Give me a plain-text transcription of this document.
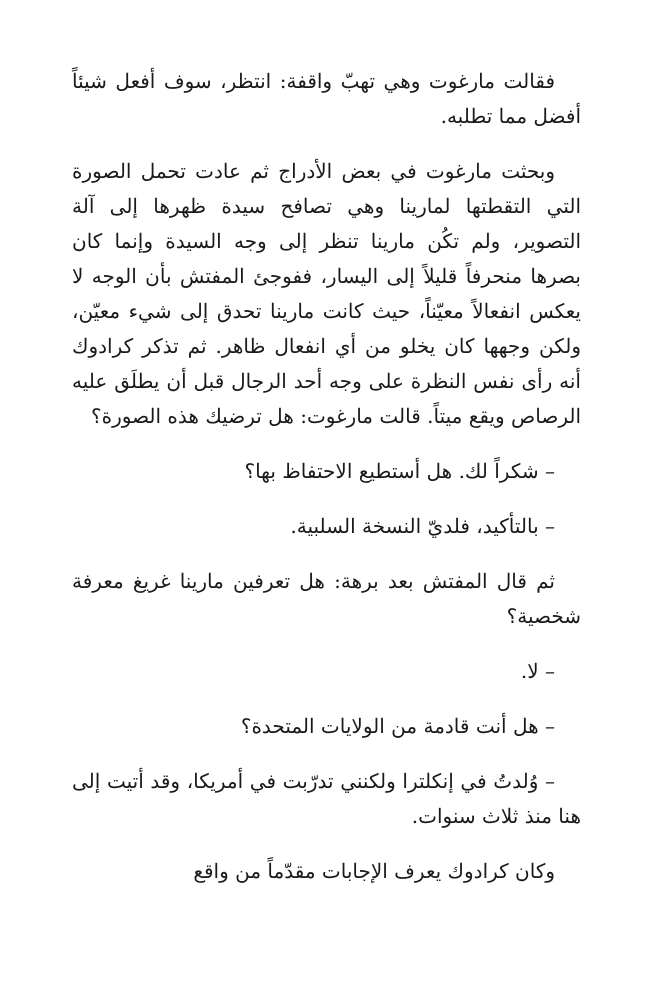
فقالت مارغوت وهي تهبّ واقفة: انتظر، سوف أفعل شيئاً أفضل مما تطلبه.

وبحثت مارغوت في بعض الأدراج ثم عادت تحمل الصورة التي التقطتها لمارينا وهي تصافح سيدة ظهرها إلى آلة التصوير، ولم تكُن مارينا تنظر إلى وجه السيدة وإنما كان بصرها منحرفاً قليلاً إلى اليسار، ففوجئ المفتش بأن الوجه لا يعكس انفعالاً معيّناً، حيث كانت مارينا تحدق إلى شيء معيّن، ولكن وجهها كان يخلو من أي انفعال ظاهر. ثم تذكر كرادوك أنه رأى نفس النظرة على وجه أحد الرجال قبل أن يطلَق عليه الرصاص ويقع ميتاً. قالت مارغوت: هل ترضيك هذه الصورة؟

– شكراً لك. هل أستطيع الاحتفاظ بها؟

– بالتأكيد، فلديّ النسخة السلبية.

ثم قال المفتش بعد برهة: هل تعرفين مارينا غريغ معرفة شخصية؟

– لا.

– هل أنت قادمة من الولايات المتحدة؟

– وُلدتُ في إنكلترا ولكنني تدرّبت في أمريكا، وقد أتيت إلى هنا منذ ثلاث سنوات.

وكان كرادوك يعرف الإجابات مقدّماً من واقع
